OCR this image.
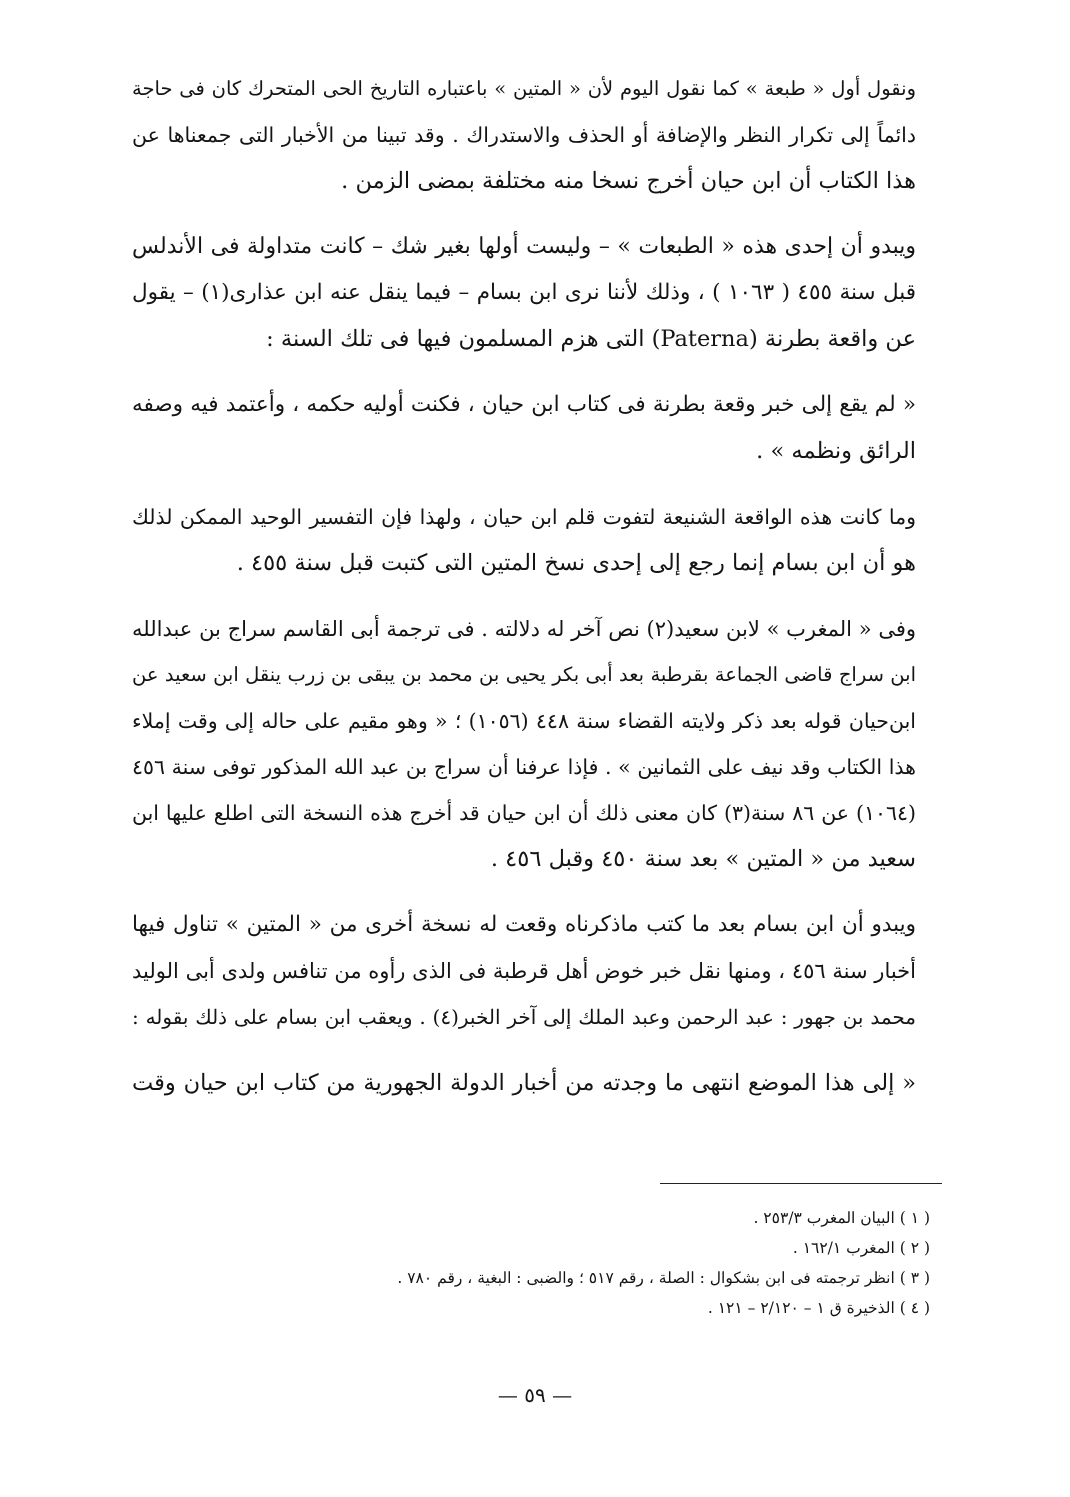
ونقول أول « طبعة » كما نقول اليوم لأن « المتين » باعتباره التاريخ الحى المتحرك كان فى حاجة
دائماً إلى تكرار النظر والإضافة أو الحذف والاستدراك . وقد تبينا من الأخبار التى جمعناها عن
هذا الكتاب أن ابن حيان أخرج نسخا منه مختلفة بمضى الزمن .

ويبدو أن إحدى هذه « الطبعات » – وليست أولها بغير شك – كانت متداولة فى الأندلس
قبل سنة ٤٥٥ ( ١٠٦٣ ) ، وذلك لأننا نرى ابن بسام – فيما ينقل عنه ابن عذارى(١) – يقول
عن واقعة بطرنة (Paterna) التى هزم المسلمون فيها فى تلك السنة :

« لم يقع إلى خبر وقعة بطرنة فى كتاب ابن حيان ، فكنت أوليه حكمه ، وأعتمد فيه وصفه
الرائق ونظمه » .

وما كانت هذه الواقعة الشنيعة لتفوت قلم ابن حيان ، ولهذا فإن التفسير الوحيد الممكن لذلك
هو أن ابن بسام إنما رجع إلى إحدى نسخ المتين التى كتبت قبل سنة ٤٥٥ .

وفى « المغرب » لابن سعيد(٢) نص آخر له دلالته . فى ترجمة أبى القاسم سراج بن عبدالله
ابن سراج قاضى الجماعة بقرطبة بعد أبى بكر يحيى بن محمد بن يبقى بن زرب ينقل ابن سعيد عن
ابن‌حيان قوله بعد ذكر ولايته القضاء سنة ٤٤٨ (١٠٥٦) ؛ « وهو مقيم على حاله إلى وقت إملاء
هذا الكتاب وقد نيف على الثمانين » . فإذا عرفنا أن سراج بن عبد الله المذكور توفى سنة ٤٥٦
(١٠٦٤) عن ٨٦ سنة(٣) كان معنى ذلك أن ابن حيان قد أخرج هذه النسخة التى اطلع عليها ابن
سعيد من « المتين » بعد سنة ٤٥٠ وقبل ٤٥٦ .

ويبدو أن ابن بسام بعد ما كتب ماذكرناه وقعت له نسخة أخرى من « المتين » تناول فيها
أخبار سنة ٤٥٦ ، ومنها نقل خبر خوض أهل قرطبة فى الذى رأوه من تنافس ولدى أبى الوليد
محمد بن جهور : عبد الرحمن وعبد الملك إلى آخر الخبر(٤) . ويعقب ابن بسام على ذلك بقوله :

« إلى هذا الموضع انتهى ما وجدته من أخبار الدولة الجهورية من كتاب ابن حيان وقت

( ١ ) البيان المغرب ٢٥٣/٣ .
( ٢ ) المغرب ١٦٢/١ .
( ٣ ) انظر ترجمته فى ابن بشكوال : الصلة ، رقم ٥١٧ ؛ والضبى : البغية ، رقم ٧٨٠ .
( ٤ ) الذخيرة ق ١ – ٢/١٢٠ – ١٢١ .
— ٥٩ —
